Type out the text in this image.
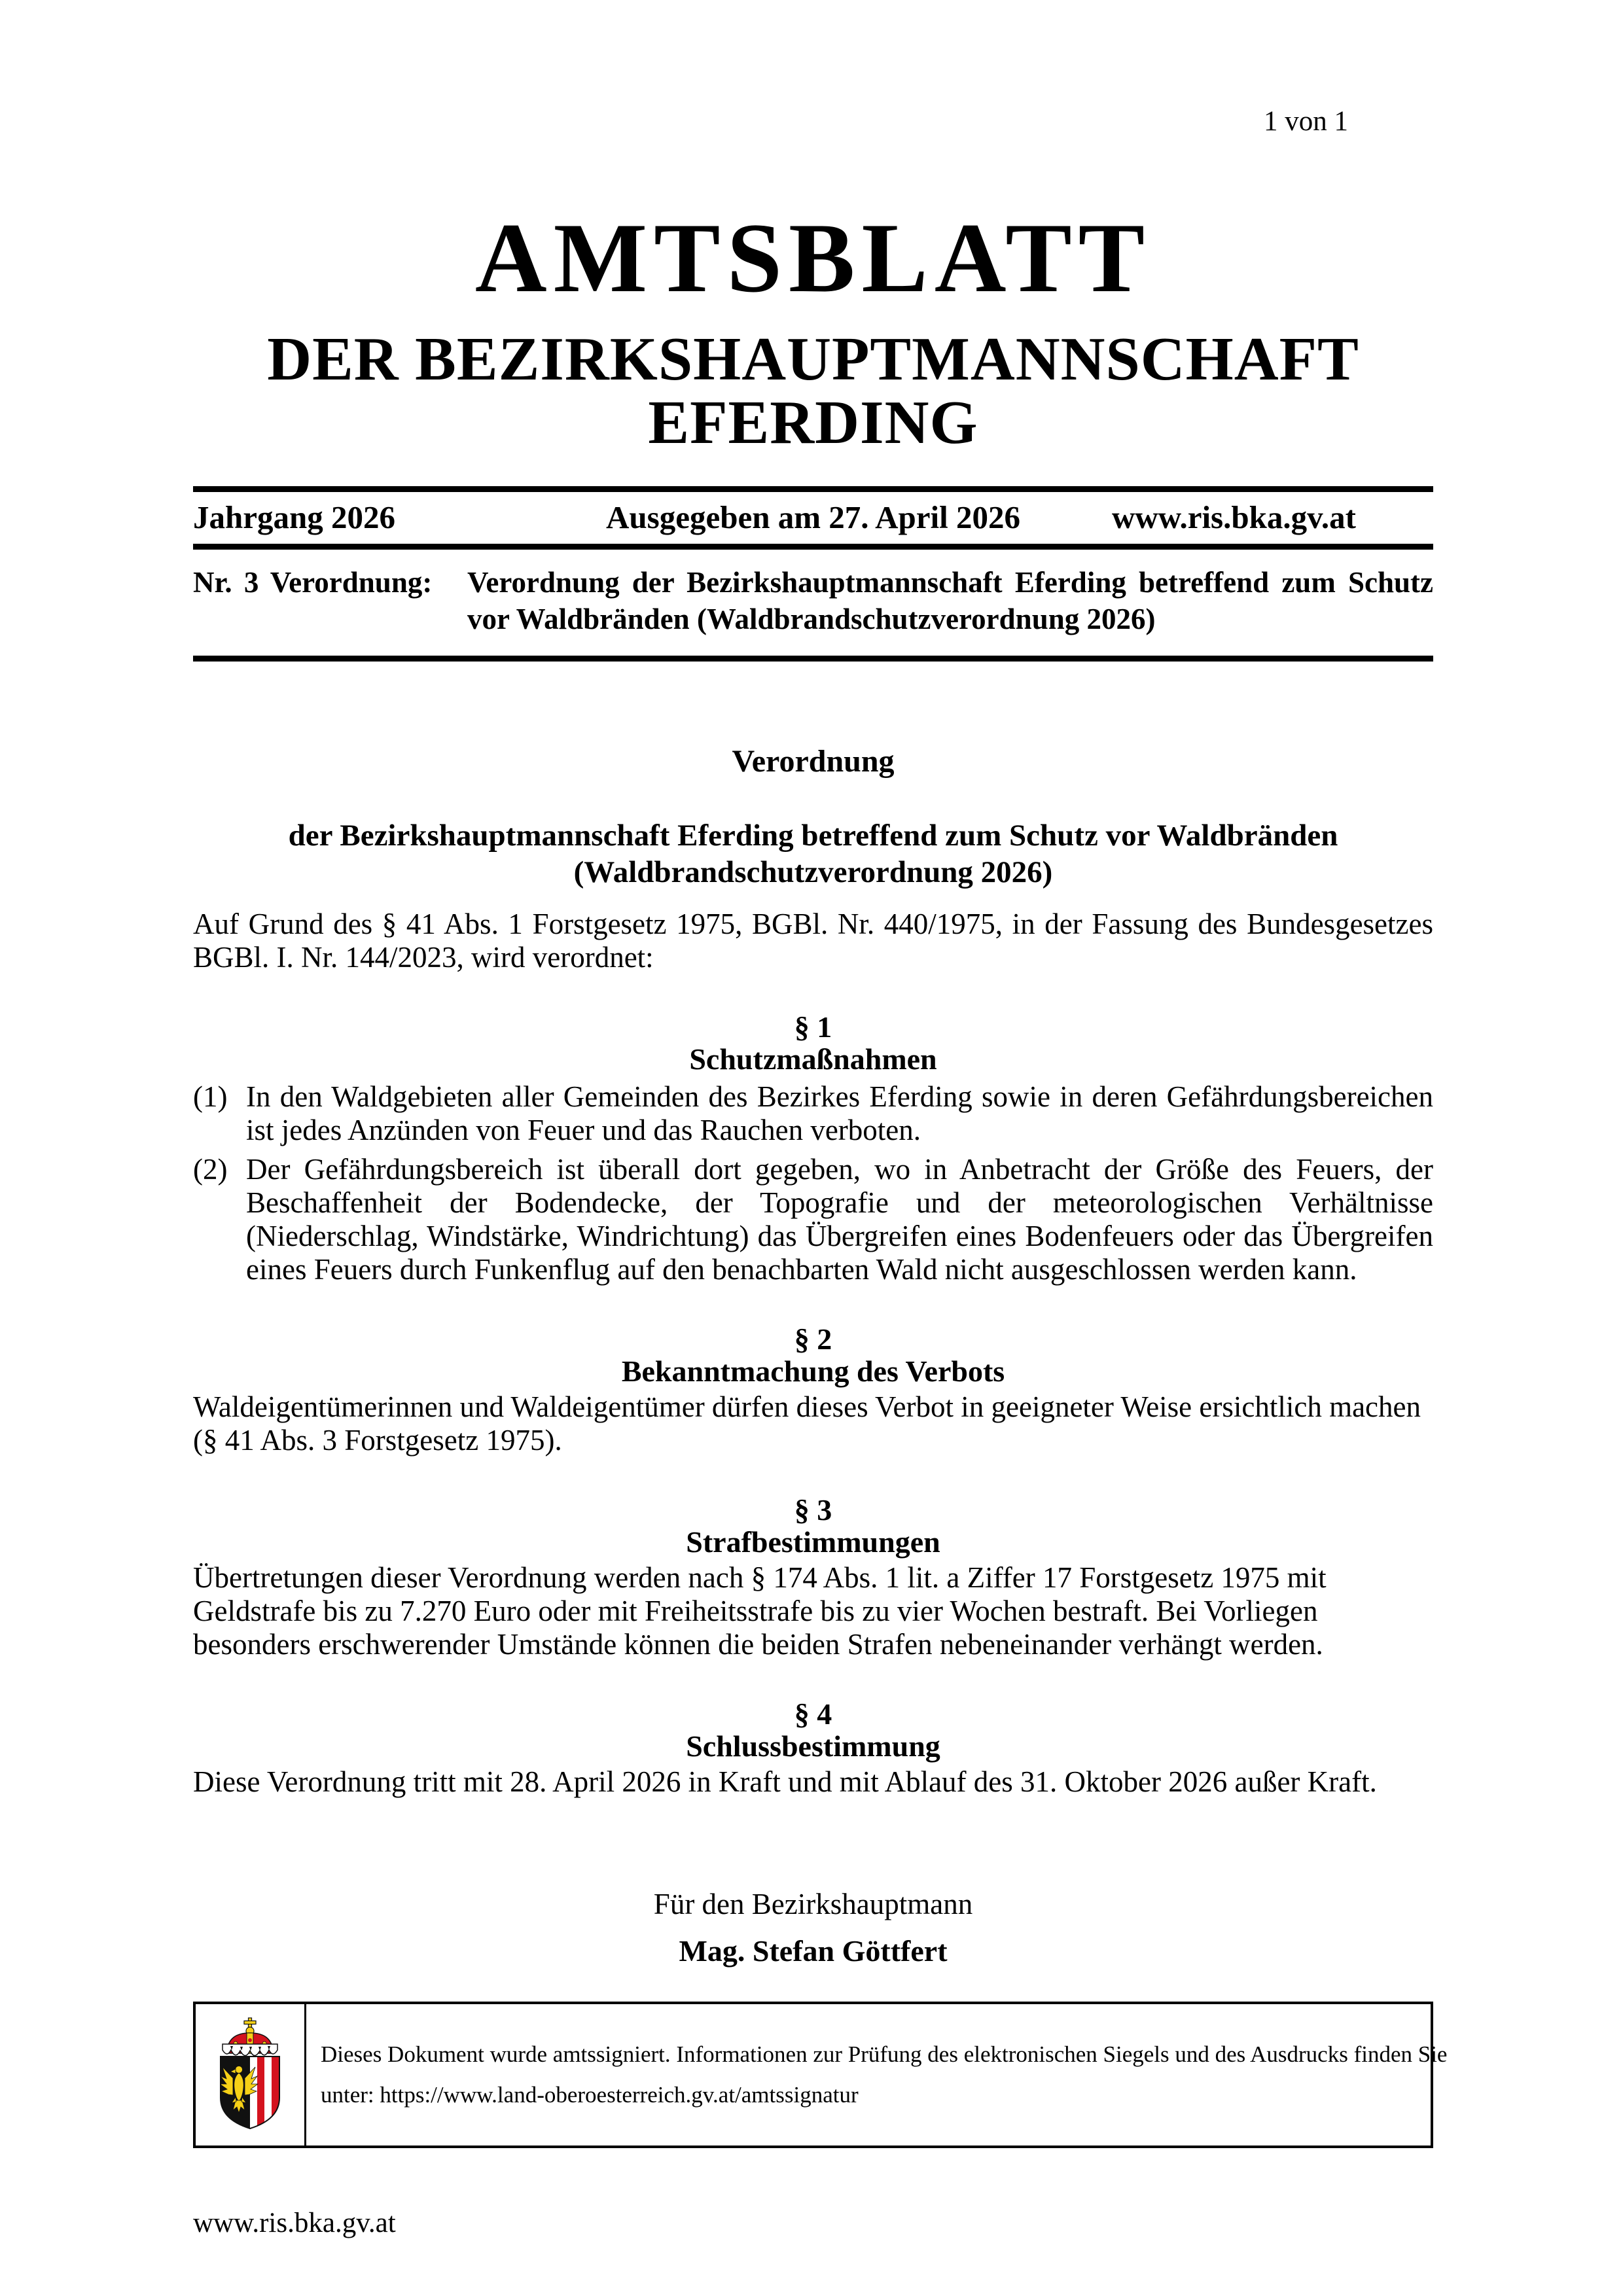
1 von 1
AMTSBLATT
DER BEZIRKSHAUPTMANNSCHAFT
EFERDING
Jahrgang 2026	Ausgegeben am 27. April 2026	www.ris.bka.gv.at
Nr. 3 Verordnung:	Verordnung der Bezirkshauptmannschaft Eferding betreffend zum Schutz vor Waldbränden (Waldbrandschutzverordnung 2026)
Verordnung
der Bezirkshauptmannschaft Eferding betreffend zum Schutz vor Waldbränden
(Waldbrandschutzverordnung 2026)

Auf Grund des § 41 Abs. 1 Forstgesetz 1975, BGBl. Nr. 440/1975, in der Fassung des Bundesgesetzes BGBl. I. Nr. 144/2023, wird verordnet:

§ 1
Schutzmaßnahmen
(1) In den Waldgebieten aller Gemeinden des Bezirkes Eferding sowie in deren Gefährdungsbereichen ist jedes Anzünden von Feuer und das Rauchen verboten.
(2) Der Gefährdungsbereich ist überall dort gegeben, wo in Anbetracht der Größe des Feuers, der Beschaffenheit der Bodendecke, der Topografie und der meteorologischen Verhältnisse (Niederschlag, Windstärke, Windrichtung) das Übergreifen eines Bodenfeuers oder das Übergreifen eines Feuers durch Funkenflug auf den benachbarten Wald nicht ausgeschlossen werden kann.
§ 2
Bekanntmachung des Verbots
Waldeigentümerinnen und Waldeigentümer dürfen dieses Verbot in geeigneter Weise ersichtlich machen
(§ 41 Abs. 3 Forstgesetz 1975).
§ 3
Strafbestimmungen

Übertretungen dieser Verordnung werden nach § 174 Abs. 1 lit. a Ziffer 17 Forstgesetz 1975 mit Geldstrafe bis zu 7.270 Euro oder mit Freiheitsstrafe bis zu vier Wochen bestraft. Bei Vorliegen besonders erschwerender Umstände können die beiden Strafen nebeneinander verhängt werden.

§ 4
Schlussbestimmung

Diese Verordnung tritt mit 28. April 2026 in Kraft und mit Ablauf des 31. Oktober 2026 außer Kraft.

Für den Bezirkshauptmann
Mag. Stefan Göttfert
Dieses Dokument wurde amtssigniert. Informationen zur Prüfung des elektronischen Siegels und des Ausdrucks finden Sie
unter: https://www.land-oberoesterreich.gv.at/amtssignatur
www.ris.bka.gv.at
